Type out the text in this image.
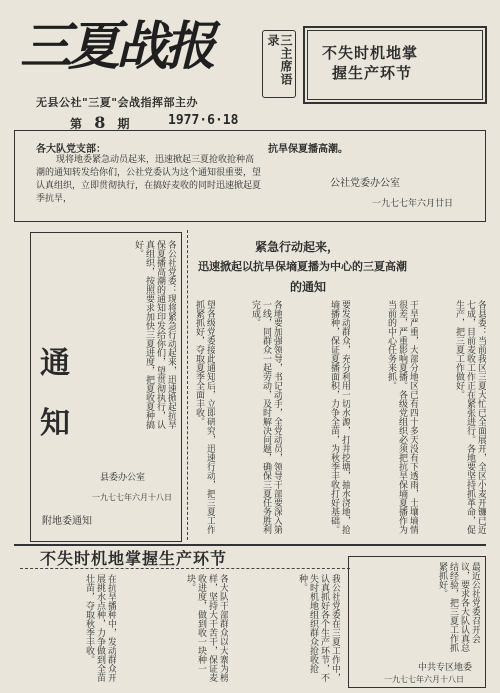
三夏战报	三主席语录
不失时机地掌
握生产环节
无县公社"三夏"会战指挥部主办
第 8 期	1977·6·18
各大队党支部：
现将地委紧急动员起来，迅速掀起三夏抢收抢种高潮的通知转发给你们，公社党委认为这个通知很重要，望认真组织，立即贯彻执行，在搞好麦收的同时迅速掀起夏季抗旱，
抗旱保夏播高潮。
公社党委办公室
一九七七年六月廿日
各公社党委：现将紧急行动起来，迅速掀起抗旱保夏播高潮的通知印发给你们，望贯彻执行，认真组织，按照要求加快三夏进度，把夏收夏种搞好。
通
知
县委办公室
一九七七年六月十八日
附地委通知
紧急行动起来，
迅速掀起以抗旱保墒夏播为中心的三夏高潮
的通知
各县委：当前我区三夏大忙已全面展开，全区小麦开镰已近七成，目前麦收工作正在紧张进行。各地要坚持抓革命，促生产，把三夏工作做好。
干旱严重，大部分地区已有四十多天没有下透雨，土壤墒情很差，严重影响夏播。各级党组织必须把抗旱保墒夏播作为当前的中心任务来抓。
要发动群众，充分利用一切水源，打井挖塘，抽水浇地，抢墒播种，保证夏播面积，力争全苗，为秋季丰收打好基础。
各地要加强领导，书记动手，全党动员，领导干部要深入第一线，同群众一起劳动，及时解决问题，确保三夏任务胜利完成。
望各级党委接此通知后，立即研究，迅速行动，把三夏工作抓紧抓好，夺取夏季全面丰收。
不失时机地掌握生产环节
我公社党委在三夏工作中，认真抓好各个生产环节，不失时机地组织群众抢收抢种。
各大队干部群众以大寨为榜样，坚持大干苦干，保证麦收进度，做到收一块种一块。
在抗旱播种中，发动群众开展挑水点种，力争做到全苗壮苗，夺取秋季丰收。	最近公社党委召开会议，要求各大队认真总结经验，把三夏工作抓紧抓好。
中共专区地委
一九七七年六月十八日
